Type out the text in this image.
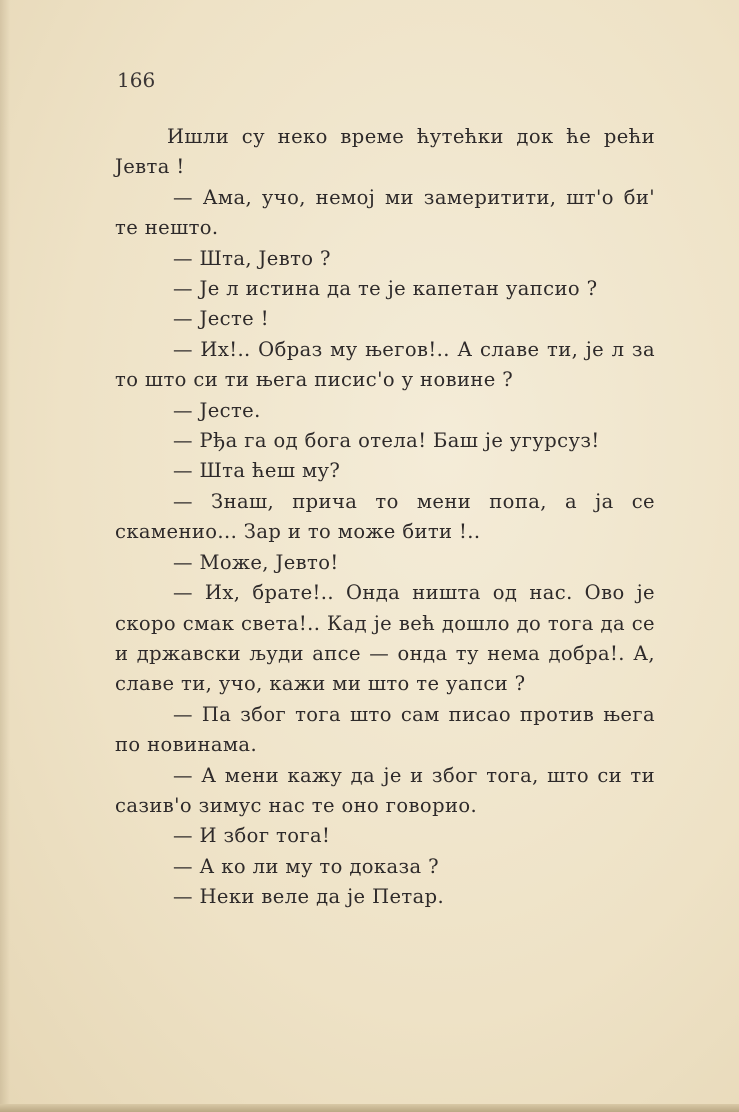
166

Ишли су неко време ћутећки док ће рећи Јевта !

— Ама, учо, немој ми замеритити, шт'о би' те нешто.

— Шта, Јевто ?

— Је л истина да те је капетан уапсио ?

— Јесте !

— Их!.. Образ му његов!.. А славе ти, је л за то што си ти њега писис'о у новине ?

— Јесте.

— Рђа га од бога отела! Баш је угурсуз!

— Шта ћеш му?

— Знаш, прича то мени попа, а ја се скаменио... Зар и то може бити !..

— Може, Јевто!

— Их, брате!.. Онда ништа од нас. Ово је скоро смак света!.. Кад је већ дошло до тога да се и државски људи апсе — онда ту нема добра!. А, славе ти, учо, кажи ми што те уапси ?

— Па због тога што сам писао против њега по новинама.

— А мени кажу да је и због тога, што си ти сазив'о зимус нас те оно говорио.

— И због тога!

— А ко ли му то доказа ?

— Неки веле да је Петар.
